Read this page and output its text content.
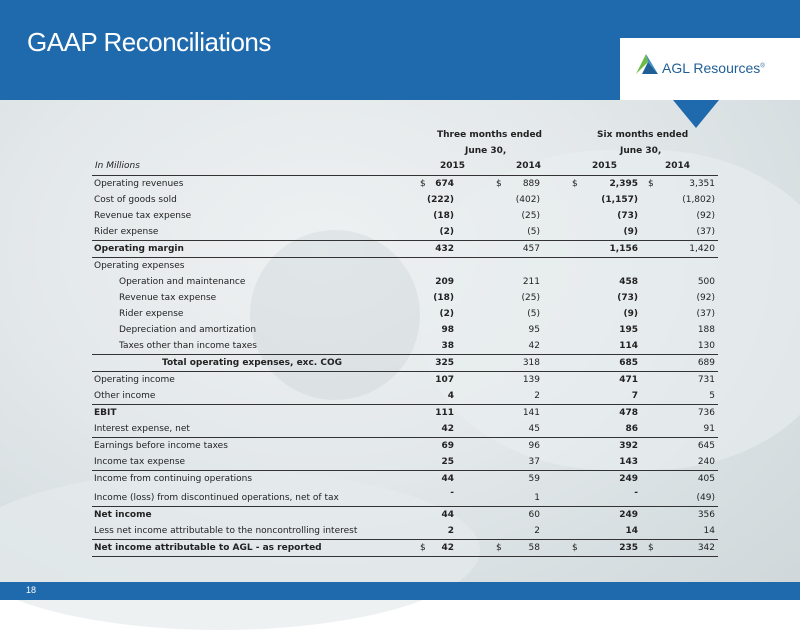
GAAP Reconciliations
AGL Resources®
Three months ended
June 30,
Six months ended
June 30,
In Millions	2015	2014	2015	2014
Operating revenues	$	674	$	889	$	2,395 $	3,351
Cost of goods sold	(222)	(402)	(1,157)	(1,802)
Revenue tax expense	(18)	(25)	(73)	(92)
Rider expense	(2)	(5)	(9)	(37)
Operating margin	432	457	1,156	1,420
Operating expenses
Operation and maintenance	209	211	458	500
Revenue tax expense	(18)	(25)	(73)	(92)
Rider expense	(2)	(5)	(9)	(37)
Depreciation and amortization	98	95	195	188
Taxes other than income taxes	38	42	114	130
Total operating expenses, exc. COG	325	318	685	689
Operating income	107	139	471	731
Other income	4	2	7	5
EBIT	111	141	478	736
Interest expense, net	42	45	86	91
Earnings before income taxes	69	96	392	645
Income tax expense	25	37	143	240
Income from continuing operations	44	59	249	405
Income (loss) from discontinued operations, net of tax	-	1	-	(49)
Net income	44	60	249	356
Less net income attributable to the noncontrolling interest	2	2	14	14
Net income attributable to AGL - as reported	$	42	$	58	$	235 $	342
18
